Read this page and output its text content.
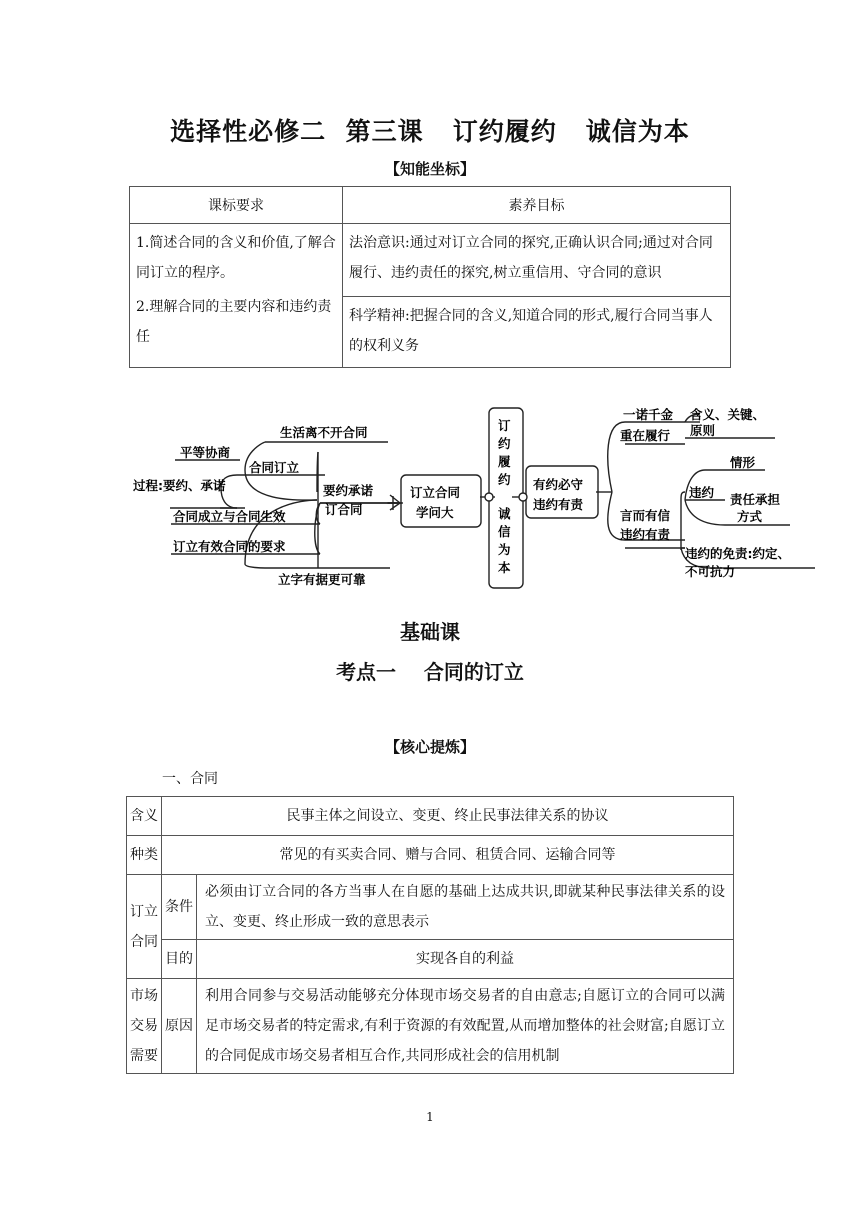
选择性必修二  第三课   订约履约   诚信为本
【知能坐标】
课标要求	素养目标

1.简述合同的含义和价值,了解合同订立的程序。
2.理解合同的主要内容和违约责任	法治意识:通过对订立合同的探究,正确认识合同;通过对合同履行、违约责任的探究,树立重信用、守合同的意识
	科学精神:把握合同的含义,知道合同的形式,履行合同当事人的权利义务
生活离不开合同
要约承诺
订合同
合同订立
平等协商
过程:要约、承诺
合同成立与合同生效
订立有效合同的要求
立字有据更可靠
订立合同
学问大
订
约
履
约
诚
信
为
本
有约必守
违约有责
一诺千金
重在履行
含义、关键、
原则
言而有信
违约有责
违约
情形
责任承担
方式
违约的免责:约定、
不可抗力
基础课
考点一    合同的订立
【核心提炼】
一、合同
含义	民事主体之间设立、变更、终止民事法律关系的协议	
种类	常见的有买卖合同、赠与合同、租赁合同、运输合同等	
订立合同	条件	必须由订立合同的各方当事人在自愿的基础上达成共识,即就某种民事法律关系的设立、变更、终止形成一致的意思表示
	目的	实现各自的利益
市场交易需要	原因	利用合同参与交易活动能够充分体现市场交易者的自由意志;自愿订立的合同可以满足市场交易者的特定需求,有利于资源的有效配置,从而增加整体的社会财富;自愿订立的合同促成市场交易者相互合作,共同形成社会的信用机制
1
